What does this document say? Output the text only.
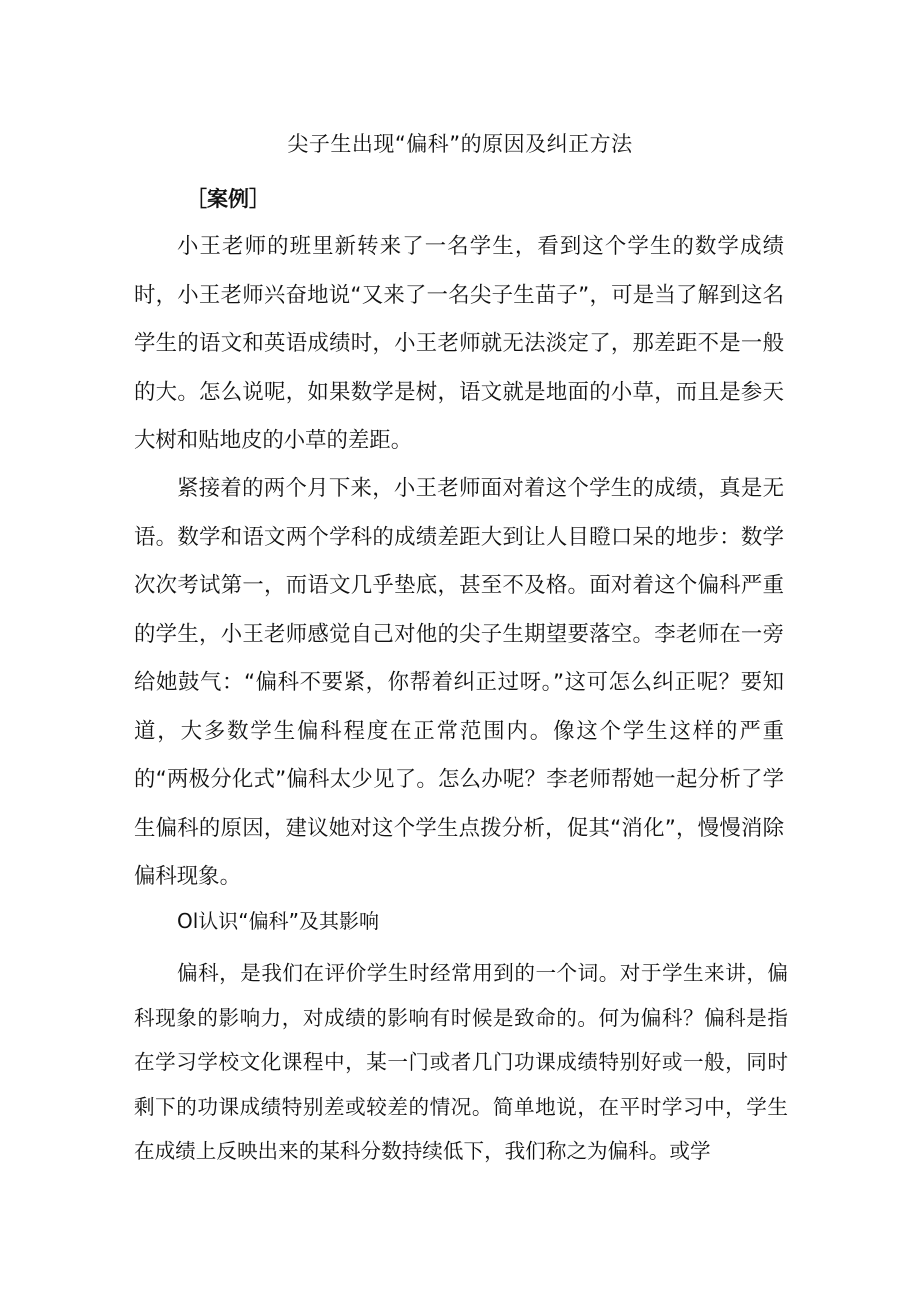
尖子生出现“偏科”的原因及纠正方法
［案例］

小王老师的班里新转来了一名学生，看到这个学生的数学成绩时，小王老师兴奋地说“又来了一名尖子生苗子”，可是当了解到这名学生的语文和英语成绩时，小王老师就无法淡定了，那差距不是一般的大。怎么说呢，如果数学是树，语文就是地面的小草，而且是参天大树和贴地皮的小草的差距。

紧接着的两个月下来，小王老师面对着这个学生的成绩，真是无语。数学和语文两个学科的成绩差距大到让人目瞪口呆的地步：数学次次考试第一，而语文几乎垫底，甚至不及格。面对着这个偏科严重的学生，小王老师感觉自己对他的尖子生期望要落空。李老师在一旁给她鼓气：“偏科不要紧，你帮着纠正过呀。”这可怎么纠正呢？要知道，大多数学生偏科程度在正常范围内。像这个学生这样的严重的“两极分化式”偏科太少见了。怎么办呢？李老师帮她一起分析了学生偏科的原因，建议她对这个学生点拨分析，促其“消化”，慢慢消除偏科现象。

Ol认识“偏科”及其影响

偏科，是我们在评价学生时经常用到的一个词。对于学生来讲，偏科现象的影响力，对成绩的影响有时候是致命的。何为偏科？偏科是指在学习学校文化课程中，某一门或者几门功课成绩特别好或一般，同时剩下的功课成绩特别差或较差的情况。简单地说，在平时学习中，学生在成绩上反映出来的某科分数持续低下，我们称之为偏科。或学
